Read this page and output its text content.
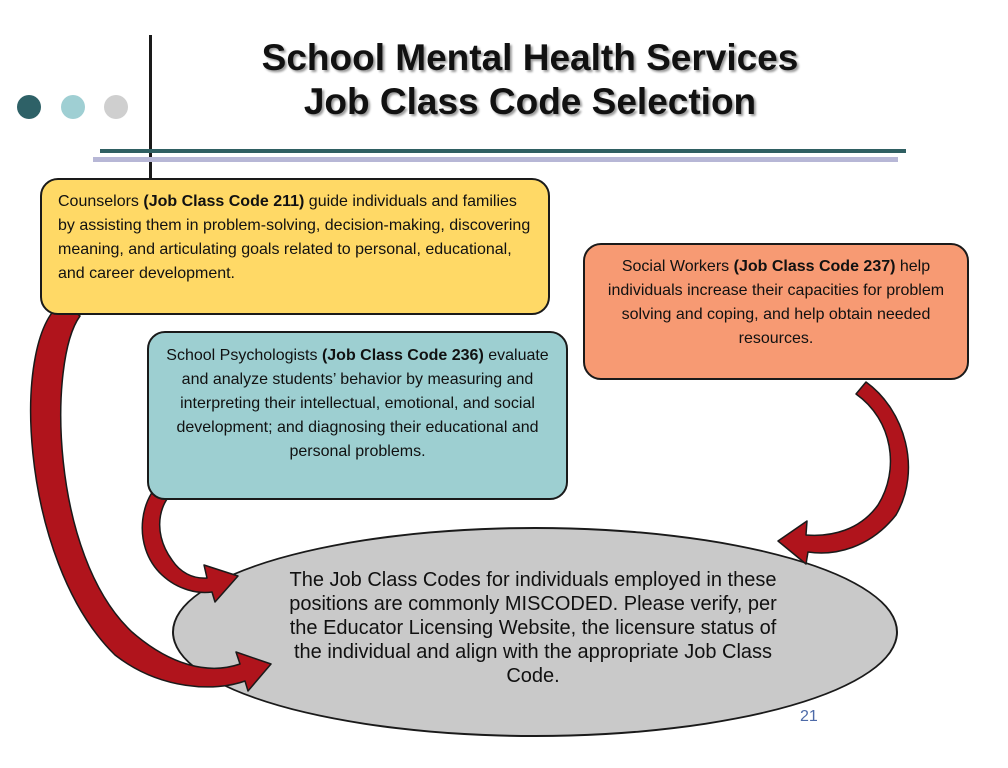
School Mental Health Services
Job Class Code Selection
The Job Class Codes for individuals employed in these positions are commonly MISCODED. Please verify, per the Educator Licensing Website, the licensure status of the individual and align with the appropriate Job Class Code.
Counselors (Job Class Code 211) guide individuals and families by assisting them in problem-solving, decision-making, discovering meaning, and articulating goals related to personal, educational, and career development.
School Psychologists (Job Class Code 236) evaluate and analyze students’ behavior by measuring and interpreting their intellectual, emotional, and social development; and diagnosing their educational and personal problems.
Social Workers (Job Class Code 237) help individuals increase their capacities for problem solving and coping, and help obtain needed resources.
21
